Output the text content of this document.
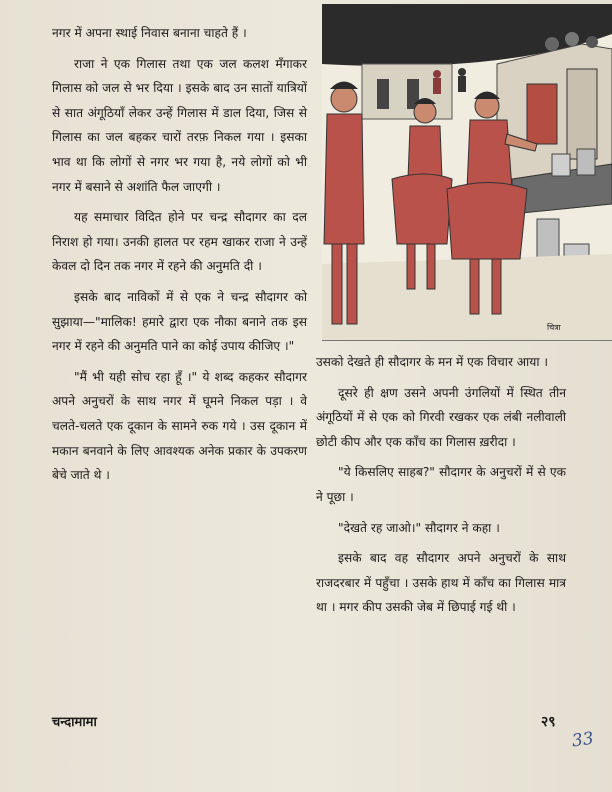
नगर में अपना स्थाई निवास बनाना चाहते हैं ।

राजा ने एक गिलास तथा एक जल कलश मँगाकर गिलास को जल से भर दिया । इसके बाद उन सातों यात्रियों से सात अंगूठियाँ लेकर उन्हें गिलास में डाल दिया, जिस से गिलास का जल बहकर चारों तरफ़ निकल गया । इसका भाव था कि लोगों से नगर भर गया है, नये लोगों को भी नगर में बसाने से अशांति फैल जाएगी ।

यह समाचार विदित होने पर चन्द्र सौदागर का दल निराश हो गया। उनकी हालत पर रहम खाकर राजा ने उन्हें केवल दो दिन तक नगर में रहने की अनुमति दी ।

इसके बाद नाविकों में से एक ने चन्द्र सौदागर को सुझाया—"मालिक! हमारे द्वारा एक नौका बनाने तक इस नगर में रहने की अनुमति पाने का कोई उपाय कीजिए ।"

"मैं भी यही सोच रहा हूँ ।" ये शब्द कहकर सौदागर अपने अनुचरों के साथ नगर में घूमने निकल पड़ा । वे चलते-चलते एक दूकान के सामने रुक गये । उस दूकान में मकान बनवाने के लिए आवश्यक अनेक प्रकार के उपकरण बेचे जाते थे ।

चित्रा

उसको देखते ही सौदागर के मन में एक विचार आया ।

दूसरे ही क्षण उसने अपनी उंगलियों में स्थित तीन अंगूठियों में से एक को गिरवी रखकर एक लंबी नलीवाली छोटी कीप और एक काँच का गिलास ख़रीदा ।

"ये किसलिए साहब?" सौदागर के अनुचरों में से एक ने पूछा ।

"देखते रह जाओ।" सौदागर ने कहा ।

इसके बाद वह सौदागर अपने अनुचरों के साथ राजदरबार में पहुँचा । उसके हाथ में काँच का गिलास मात्र था । मगर कीप उसकी जेब में छिपाई गई थी ।

चन्दामामा	२९
33
